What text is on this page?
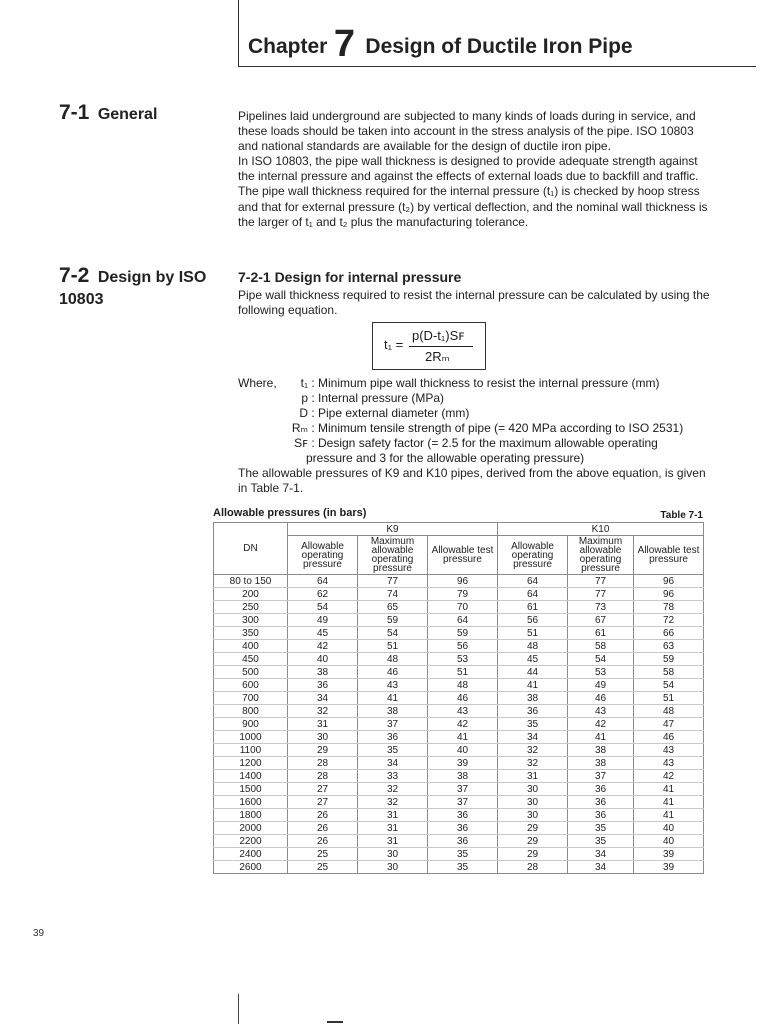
Chapter 7 Design of Ductile Iron Pipe
7-1 General	Pipelines laid underground are subjected to many kinds of loads during in service, and these loads should be taken into account in the stress analysis of the pipe. ISO 10803 and national standards are available for the design of ductile iron pipe.

In ISO 10803, the pipe wall thickness is designed to provide adequate strength against the internal pressure and against the effects of external loads due to backfill and traffic. The pipe wall thickness required for the internal pressure (t₁) is checked by hoop stress and that for external pressure (t₂) by vertical deflection, and the nominal wall thickness is the larger of t₁ and t₂ plus the manufacturing tolerance.

7-2 Design by ISO
10803
7-2-1 Design for internal pressure
Pipe wall thickness required to resist the internal pressure can be calculated by using the following equation.
t₁ =
p(D-t₁)Sꜰ
2Rₘ
Where,	t₁ : Minimum pipe wall thickness to resist the internal pressure (mm)
p : Internal pressure (MPa)
D : Pipe external diameter (mm)
Rₘ : Minimum tensile strength of pipe (= 420 MPa according to ISO 2531)
Sꜰ : Design safety factor (= 2.5 for the maximum allowable operating
pressure and 3 for the allowable operating pressure)
The allowable pressures of K9 and K10 pipes, derived from the above equation, is given in Table 7-1.
Allowable pressures (in bars)	Table 7-1
DN	K9			K10		
	Allowable operating pressure	Maximum allowable operating pressure	Allowable test pressure	Allowable operating pressure	Maximum allowable operating pressure	Allowable test pressure
80 to 150	64	77	96	64	77	96
200	62	74	79	64	77	96
250	54	65	70	61	73	78
300	49	59	64	56	67	72
350	45	54	59	51	61	66
400	42	51	56	48	58	63
450	40	48	53	45	54	59
500	38	46	51	44	53	58
600	36	43	48	41	49	54
700	34	41	46	38	46	51
800	32	38	43	36	43	48
900	31	37	42	35	42	47
1000	30	36	41	34	41	46
1100	29	35	40	32	38	43
1200	28	34	39	32	38	43
1400	28	33	38	31	37	42
1500	27	32	37	30	36	41
1600	27	32	37	30	36	41
1800	26	31	36	30	36	41
2000	26	31	36	29	35	40
2200	26	31	36	29	35	40
2400	25	30	35	29	34	39
2600	25	30	35	28	34	39
39
